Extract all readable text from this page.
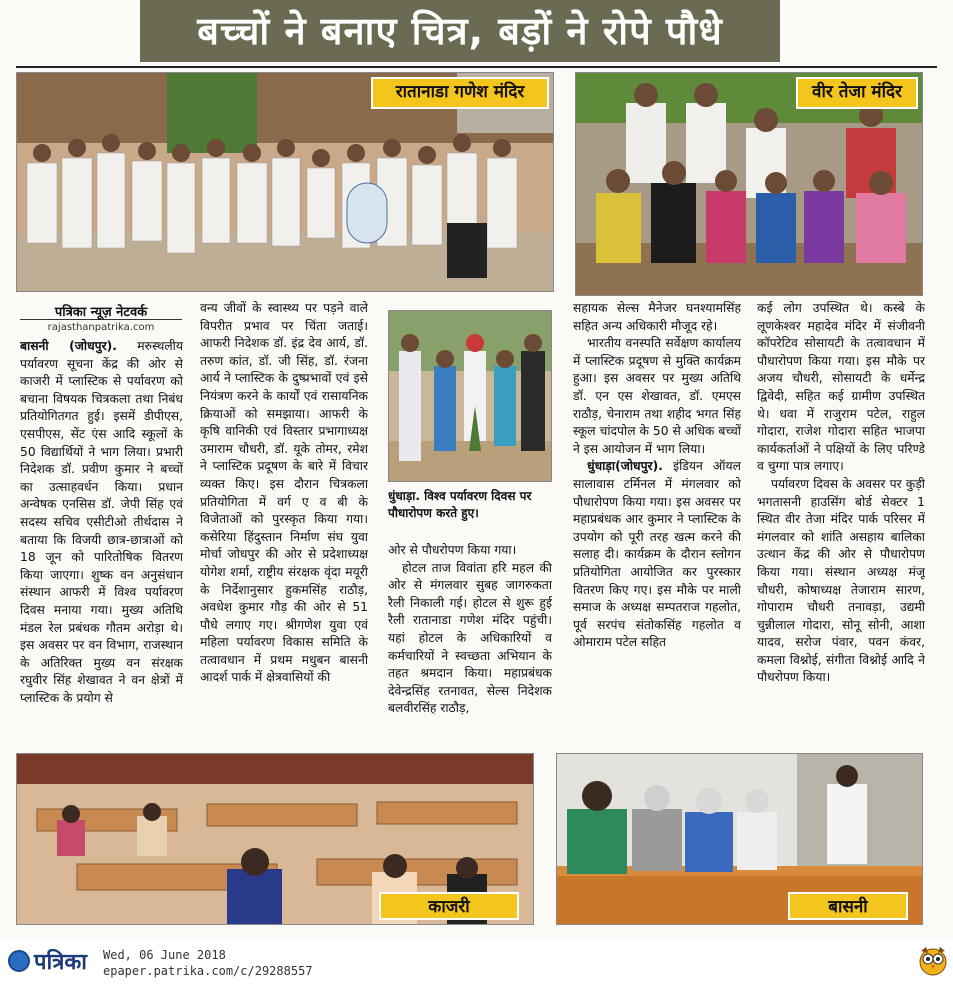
बच्चों ने बनाए चित्र, बड़ों ने रोपे पौधे
रातानाडा गणेश मंदिर	वीर तेजा मंदिर
पत्रिका न्यूज़ नेटवर्क
rajasthanpatrika.com

बासनी (जोधपुर). मरुस्थलीय पर्यावरण सूचना केंद्र की ओर से काजरी में प्लास्टिक से पर्यावरण को बचाना विषयक चित्रकला तथा निबंध प्रतियोगितगत हुई। इसमें डीपीएस, एसपीएस, सेंट एंस आदि स्कूलों के 50 विद्यार्थियों ने भाग लिया। प्रभारी निदेशक डॉ. प्रवीण कुमार ने बच्चों का उत्साहवर्धन किया। प्रधान अन्वेषक एनसिस डॉ. जेपी सिंह एवं सदस्य सचिव एसीटीओ तीर्थदास ने बताया कि विजयी छात्र-छात्राओं को 18 जून को पारितोषिक वितरण किया जाएगा। शुष्क वन अनुसंधान संस्थान आफरी में विश्व पर्यावरण दिवस मनाया गया। मुख्य अतिथि मंडल रेल प्रबंधक गौतम अरोड़ा थे। इस अवसर पर वन विभाग, राजस्थान के अतिरिक्त मुख्य वन संरक्षक रघुवीर सिंह शेखावत ने वन क्षेत्रों में प्लास्टिक के प्रयोग से

वन्य जीवों के स्वास्थ्य पर पड़ने वाले विपरीत प्रभाव पर चिंता जताई। आफरी निदेशक डॉ. इंद्र देव आर्य, डॉ. तरुण कांत, डॉ. जी सिंह, डॉ. रंजना आर्य ने प्लास्टिक के दुष्प्रभावों एवं इसे नियंत्रण करने के कार्यों एवं रासायनिक क्रियाओं को समझाया। आफरी के कृषि वानिकी एवं विस्तार प्रभागाध्यक्ष उमाराम चौधरी, डॉ. यूके तोमर, रमेश ने प्लास्टिक प्रदूषण के बारे में विचार व्यक्त किए। इस दौरान चित्रकला प्रतियोगिता में वर्ग ए व बी के विजेताओं को पुरस्कृत किया गया। कसेरिया हिंदुस्तान निर्माण संघ युवा मोर्चा जोधपुर की ओर से प्रदेशाध्यक्ष योगेश शर्मा, राष्ट्रीय संरक्षक वृंदा मयूरी के निर्देशानुसार हुकमसिंह राठौड़, अवधेश कुमार गौड़ की ओर से 51 पौधे लगाए गए। श्रीगणेश युवा एवं महिला पर्यावरण विकास समिति के तत्वावधान में प्रथम मधुबन बासनी आदर्श पार्क में क्षेत्रवासियों की

धुंधाड़ा. विश्व पर्यावरण दिवस पर पौधारोपण करते हुए।

ओर से पौधरोपण किया गया।

होटल ताज विवांता हरि महल की ओर से मंगलवार सुबह जागरुकता रैली निकाली गई। होटल से शुरू हुई रैली रातानाडा गणेश मंदिर पहुंची। यहां होटल के अधिकारियों व कर्मचारियों ने स्वच्छता अभियान के तहत श्रमदान किया। महाप्रबंधक देवेन्द्रसिंह रतनावत, सेल्स निदेशक बलवीरसिंह राठौड़,

सहायक सेल्स मैनेजर घनश्यामसिंह सहित अन्य अधिकारी मौजूद रहे।

भारतीय वनस्पति सर्वेक्षण कार्यालय में प्लास्टिक प्रदूषण से मुक्ति कार्यक्रम हुआ। इस अवसर पर मुख्य अतिथि डॉ. एन एस शेखावत, डॉ. एमएस राठौड़, चेनाराम तथा शहीद भगत सिंह स्कूल चांदपोल के 50 से अधिक बच्चों ने इस आयोजन में भाग लिया।

धुंधाड़ा(जोधपुर). इंडियन ऑयल सालावास टर्मिनल में मंगलवार को पौधारोपण किया गया। इस अवसर पर महाप्रबंधक आर कुमार ने प्लास्टिक के उपयोग को पूरी तरह खत्म करने की सलाह दी। कार्यक्रम के दौरान स्लोगन प्रतियोगिता आयोजित कर पुरस्कार वितरण किए गए। इस मौके पर माली समाज के अध्यक्ष सम्पतराज गहलोत, पूर्व सरपंच संतोकसिंह गहलोत व ओमाराम पटेल सहित

कई लोग उपस्थित थे। कस्बे के लूणकेश्वर महादेव मंदिर में संजीवनी कॉपरेटिव सोसायटी के तत्वावधान में पौधारोपण किया गया। इस मौके पर अजय चौधरी, सोसायटी के धर्मेन्द्र द्विवेदी, सहित कई ग्रामीण उपस्थित थे। धवा में राजुराम पटेल, राहुल गोदारा, राजेश गोदारा सहित भाजपा कार्यकर्ताओं ने पक्षियों के लिए परिण्डे व चुग्गा पात्र लगाए।

पर्यावरण दिवस के अवसर पर कुड़ी भगतासनी हाउसिंग बोर्ड सेक्टर 1 स्थित वीर तेजा मंदिर पार्क परिसर में मंगलवार को शांति असहाय बालिका उत्थान केंद्र की ओर से पौधारोपण किया गया। संस्थान अध्यक्ष मंजू चौधरी, कोषाध्यक्ष तेजाराम सारण, गोपाराम चौधरी तनावड़ा, उद्यमी चुन्नीलाल गोदारा, सोनू सोनी, आशा यादव, सरोज पंवार, पवन कंवर, कमला विश्नोई, संगीता विश्नोई आदि ने पौधरोपण किया।

काजरी	बासनी
पत्रिका Wed, 06 June 2018
epaper.patrika.com/c/29288557
